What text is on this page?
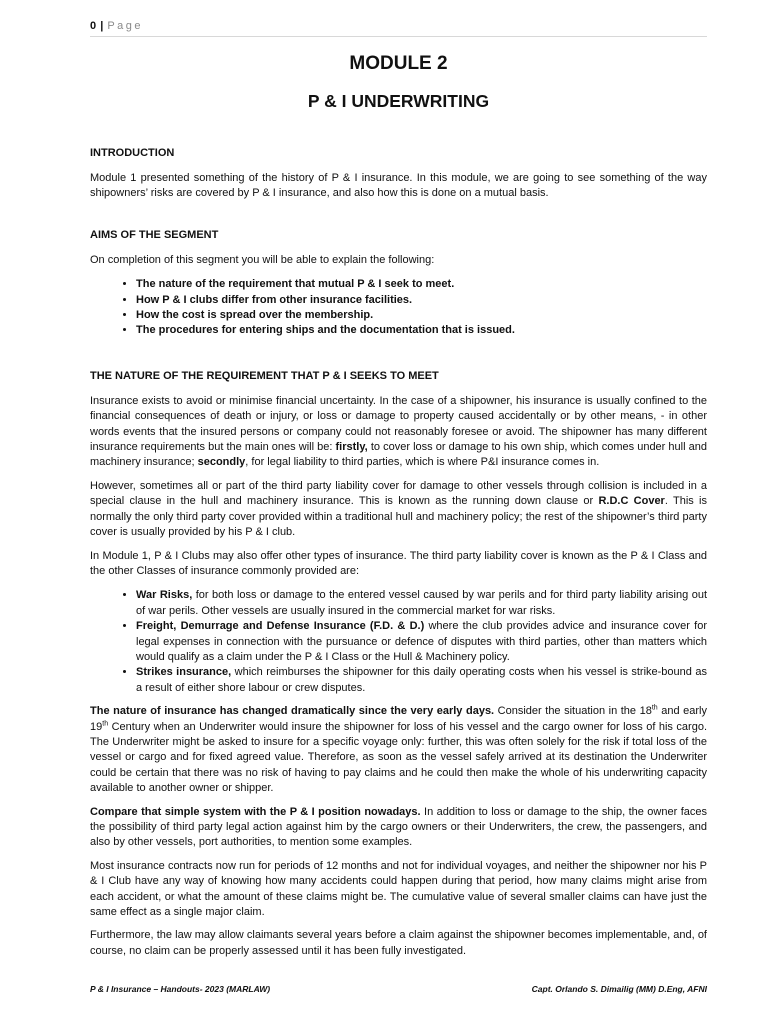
0 | Page
MODULE 2
P & I UNDERWRITING
INTRODUCTION

Module 1 presented something of the history of P & I insurance. In this module, we are going to see something of the way shipowners’ risks are covered by P & I insurance, and also how this is done on a mutual basis.

AIMS OF THE SEGMENT

On completion of this segment you will be able to explain the following:

• The nature of the requirement that mutual P & I seek to meet.
• How P & I clubs differ from other insurance facilities.
• How the cost is spread over the membership.
• The procedures for entering ships and the documentation that is issued.
THE NATURE OF THE REQUIREMENT THAT P & I SEEKS TO MEET

Insurance exists to avoid or minimise financial uncertainty. In the case of a shipowner, his insurance is usually confined to the financial consequences of death or injury, or loss or damage to property caused accidentally or by other means, - in other words events that the insured persons or company could not reasonably foresee or avoid. The shipowner has many different insurance requirements but the main ones will be: firstly, to cover loss or damage to his own ship, which comes under hull and machinery insurance; secondly, for legal liability to third parties, which is where P&I insurance comes in.

However, sometimes all or part of the third party liability cover for damage to other vessels through collision is included in a special clause in the hull and machinery insurance. This is known as the running down clause or R.D.C Cover. This is normally the only third party cover provided within a traditional hull and machinery policy; the rest of the shipowner’s third party cover is usually provided by his P & I club.

In Module 1, P & I Clubs may also offer other types of insurance. The third party liability cover is known as the P & I Class and the other Classes of insurance commonly provided are:

• War Risks, for both loss or damage to the entered vessel caused by war perils and for third party liability arising out of war perils. Other vessels are usually insured in the commercial market for war risks.
• Freight, Demurrage and Defense Insurance (F.D. & D.) where the club provides advice and insurance cover for legal expenses in connection with the pursuance or defence of disputes with third parties, other than matters which would qualify as a claim under the P & I Class or the Hull & Machinery policy.
• Strikes insurance, which reimburses the shipowner for this daily operating costs when his vessel is strike-bound as a result of either shore labour or crew disputes.

The nature of insurance has changed dramatically since the very early days. Consider the situation in the 18th and early 19th Century when an Underwriter would insure the shipowner for loss of his vessel and the cargo owner for loss of his cargo. The Underwriter might be asked to insure for a specific voyage only: further, this was often solely for the risk if total loss of the vessel or cargo and for fixed agreed value. Therefore, as soon as the vessel safely arrived at its destination the Underwriter could be certain that there was no risk of having to pay claims and he could then make the whole of his underwriting capacity available to another owner or shipper.

Compare that simple system with the P & I position nowadays. In addition to loss or damage to the ship, the owner faces the possibility of third party legal action against him by the cargo owners or their Underwriters, the crew, the passengers, and also by other vessels, port authorities, to mention some examples.

Most insurance contracts now run for periods of 12 months and not for individual voyages, and neither the shipowner nor his P & I Club have any way of knowing how many accidents could happen during that period, how many claims might arise from each accident, or what the amount of these claims might be. The cumulative value of several smaller claims can have just the same effect as a single major claim.

Furthermore, the law may allow claimants several years before a claim against the shipowner becomes implementable, and, of course, no claim can be properly assessed until it has been fully investigated.

P & I Insurance – Handouts- 2023 (MARLAW)	Capt. Orlando S. Dimailig (MM) D.Eng, AFNI
